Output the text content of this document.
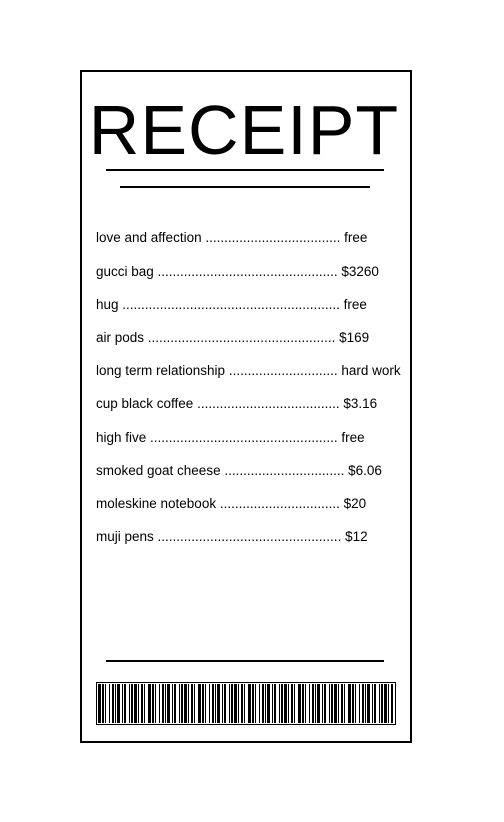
RECEIPT
love and affection .................................... free
gucci bag ................................................ $3260
hug .......................................................... free
air pods .................................................. $169
long term relationship ............................. hard work
cup black coffee ...................................... $3.16
high five .................................................. free
smoked goat cheese ................................ $6.06
moleskine notebook ................................ $20
muji pens ................................................. $12
